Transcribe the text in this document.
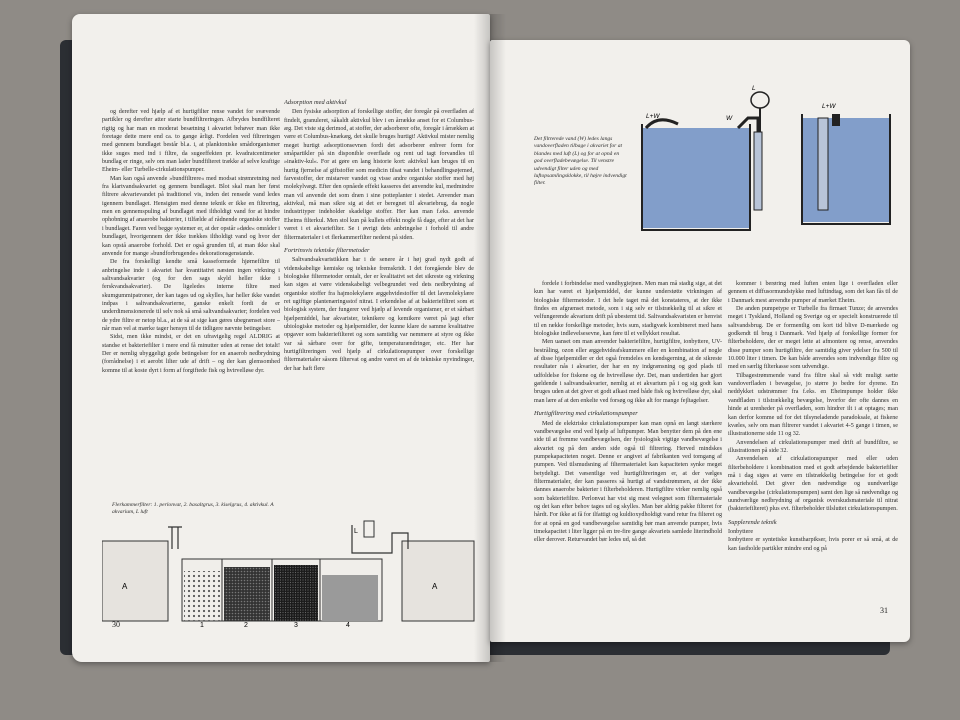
og derefter ved hjælp af et hurtigfilter rense vandet for svævende partikler og derefter atter starte bundfiltreringen. Afbrydes bundfilteret rigtig og har man en moderat besætning i akvariet behøver man ikke foretage dette mere end ca. to gange årligt. Fordelen ved filtreringen med gennem bundlaget består bl.a. i, at planktoniske smådorganismer ikke suges med ind i filtre, da sugeeffekten pr. kvadratcentimeter bundlag er ringe, selv om man lader bundfilteret trække af selve kraftige Eheim- eller Turbelle-cirkulationspumper.

Man kan også anvende »bundfiltrere« med modsat strømretning ned fra klartvandsakvariet og gennem bundlaget. Blot skal man her først filtrere akvarievandet på traditionel vis, inden det rensede vand ledes igennem bundlaget. Hensigten med denne teknik er ikke en filtrering, men en gennemspuling af bundlaget med iltholdigt vand for at hindre ophobning af anaerobe bakterier, i tilfælde af rådnende organiske stoffer i bundlaget. Faren ved begge systemer er, at der opstår »døde« områder i bundlaget, hvorigennem der ikke trækkes iltholdigt vand og hvor der kan opstå anaerobe forhold. Det er også grunden til, at man ikke skal anvende for mange »bundforbrugende« dekorationsgenstande.

De fra forskelligt kendte små kasseformede hjørnefiltre til anbringelse inde i akvariet har kvantitativt næsten ingen virkning i saltvandsakvarier (og for den sags skyld heller ikke i ferskvandsakvarier). De ligeledes interne filtre med skumgummipatroner, der kan tages ud og skylles, har heller ikke vandet indpas i saltvandsakvarierne, ganske enkelt fordi de er underdimensionerede til selv nok så små saltvandsakvarier; fordelen ved de ydre filtre er netop bl.a., at de så at sige kan gøres ubegrænset store – når man vel at mærke tager hensyn til de tidligere nævnte betingelser.

Sidst, men ikke mindst, er det en ufravigelig regel ALDRIG at standse et bakteriefilter i mere end få minutter uden at rense det totalt! Der er nemlig ubyggeligt gode betingelser for en anaerob nedbrydning (forrådnelse) i et aerobt lilter ude af drift – og der kan glemsomhed komme til at koste dyrt i form af forgiftede fisk og hvirvelløse dyr.

Adsorption med aktivkul

Den fysiske adsorption af forskellige stoffer, der foregår på overfladen af findelt, granuleret, såkaldt aktivkul blev i en årrække anset for et Columbus-æg. Det viste sig derimod, at stoffer, der adsorberer ofte, foregår i årrækken at være et Columbus-knækæg, det skulle bruges hurtigt! Aktivkul mister nemlig meget hurtigt adsorptionsevnen fordi det adsorberer enhver form for småpartikler på sin disponible overflade og rent ud tagt forvandles til »inaktiv-kul«. For at gøre en lang historie kort: aktivkul kan bruges til en hurtig fjernelse af giftstoffer som medicin tilsat vandet i behandlingsøjemed, farvestoffer, der mistarver vandet og visse andre organiske stoffer med høj molekylvægt. Efter den opnåede effekt kasseres det anvendte kul, medmindre man vil anvende det som dræn i sine potteplanter i stedet. Anvender man aktivkul, må man sikre sig at det er beregnet til akvariebrug, da nogle industrityper indeholder skadelige stoffer. Her kan man f.eks. anvende Eheims filterkul. Men stol kun på kullets effekt nogle få dage, efter at det har været i et akvariefilter. Se i øvrigt dets anbringelse i forhold til andre filtermaterialer i et flerkammerfilter nederst på siden.

Fortrinsvis tekniske filtermetoder

Saltvandsakvaristikken har i de senere år i høj grad nydt godt af videnskabelige kemiske og tekniske fremskridt. I det foregående blev de biologiske filtermetoder omtalt, der er kvalitativt set det sikreste og virkning kan siges at være videnskabeligt velbegrundet ved dets nedbrydning af organiske stoffer fra hajmolekylære æggehvidestoffer til det lavmolekylære ret ugiftige plantenæringsstof nitrat. I erkendelse af at bakteriefiltret som et biologisk system, der fungerer ved hjælp af levende organismer, er et sårbart hjælpemiddel, har akvarister, teknikere og kemikere været på jagt efter ubiologiske metoder og hjælpemidler, der kunne klare de samme kvalitative opgaver som bakteriefilteret og som samtidig var nemmere at styre og ikke var så sårbare over for gifte, temperaturændringer, etc. Her har hurtigfiltreringen ved hjælp af cirkulationspumper over forskellige filtermaterialer såsom filtervat og andre været en af de tekniske nyvindinger, der har haft flere

Flerkammerfilter: 1. perlonvat, 2. basaltgrus, 3. kiselgrus, 4. aktivkul. A akvarium, L luft
A
1	2	3	4
A
L
30
Det filtrerede vand (W) ledes langs vandoverfladen tilbage i akvariet for at blandes med luft (L) og for at opnå en god overfladebevægelse. Til venstre udvendigt filter uden og med luftopsamlingsklokke, til højre indvendigt filter.
L+W
L
W
L+W

fordele i forbindelse med vandhygiejnen. Men man må stadig sige, at det kun har været et hjælpemiddel, der kunne understøtte virkningen af biologiske filtermetoder. I det hele taget må det konstateres, at der ikke findes en afgrænset metode, som i sig selv er tilstrækkelig til at sikre et velfungerende akvarium drift på ubestemt tid. Saltvandsakvaristen er henvist til en række forskellige metoder, hvis sum, stadigvæk kombineret med hans biologiske indlevelsesevne, kan føre til et vellykket resultat.

Men uanset om man anvender bakteriefiltre, hurtigfiltre, ionbyttere, UV-bestråling, ozon eller æggehvideafskummere eller en kombination af nogle af disse hjælpemidler er det også fremdeles en kendsgerning, at de sikreste resultater nås i akvarier, der har en ny indgrænsning og god plads til udfoldelse for fiskene og de hvirvelløse dyr. Det, man undertiden har gjort gældende i saltvandsakvarier, nemlig at et akvarium på i og sig godt kan bruges uden at det giver et godt afkast med både fisk og hvirvelløse dyr, skal man lære af at den enkelte ved forsøg og ikke alt for mange fejltagelser.

Hurtigfiltrering med cirkulationspumper

Med de elektriske cirkulationspumper kan man opnå en langt stærkere vandbevægelse end ved hjælp af luftpumper. Man benytter dem på den ene side til at fremme vandbevægelsen, der fysiologisk vigtige vandbevægelse i akvariet og på den anden side også til filtrering. Herved mindskes pumpekapaciteten noget. Denne er angivet af fabrikanten ved tomgang af pumpen. Ved tilsmudsning af filtermaterialet kan kapaciteten synke meget betydeligt. Det væsentlige ved hurtigfiltreringen er, at der vælges filtermaterialer, der kan passeres så hurtigt af vandstrømmen, at der ikke dannes anaerobe bakterier i filterbeholderen. Hurtigfiltre virker nemlig også som bakteriefiltre. Perlonvat har vist sig mest velegnet som filtermateriale og det kan efter behov tages ud og skylles. Man bør aldrig pakke filteret for hårdt. For ikke at få for ilfattigt og kuldioxydholdigt vand retur fra filteret og for at opnå en god vandbevægelse samtidig bør man anvende pumper, hvis timekapacitet i liter ligger på en tre-fire gange akvariets samlede literindhold eller derover. Returvandet bør ledes ud, så det

kommer i berøring med luften enten lige i overfladen eller gennem et diffusormundstykke med luftindtag, som det kan fås til de i Danmark mest anvendte pumper af mærket Eheim.

De anden pumpetype er Turbelle fra firmaet Tunze; de anvendes meget i Tyskland, Holland og Sverige og er specielt konstruerede til saltvandsbrug. De er formentlig om kort tid blive D-mærkede og godkendt til brug i Danmark. Ved hjælp af forskellige former for filterbeholdere, der er meget lette at afmontere og rense, anvendes disse pumper som hurtigfiltre, der samtidig giver ydelser fra 500 til 10.000 liter i timen. De kan både anvendes som indvendige filtre og med en særlig filterkasse som udvendige.

Tilbagestrømmende vand fra filtre skal så vidt muligt sætte vandoverfladen i bevægelse, jo større jo bedre for dyrene. En neddykket udstrømmer fra f.eks. en Eheimpumpe holder ikke vandfladen i tilstrækkelig bevægelse, hvorfor der ofte dannes en hinde at urenheder på overfladen, som hindrer ilt i at optages; man kan derfor komme ud for det tilsyneladende paradoksale, at fiskene kvæles, selv om man filtrerer vandet i akvariet 4-5 gange i timen, se illustrationerne side 11 og 32.

Anvendelsen af cirkulationspumper med drift af bundfiltre, se illustrationen på side 32.

Anvendelsen af cirkulationspumper med eller uden filterbeholdere i kombination med et godt arbejdende bakteriefilter må i dag siges at være en tilstrækkelig betingelse for et godt akvariehold. Det giver den nødvendige og uundværlige vandbevægelse (cirkulationspumpen) samt den lige så nødvendige og uundværlige nedbrydning af organisk overskudsmateriale til nitrat (bakteriefilteret) plus evt. filterbeholder tilsluttet cirkulationspumpen.

Supplerende teknik

Ionbyttere

Ionbyttere er syntetiske kunstharpikser, hvis porer er så små, at de kan fastholde partikler mindre end og på

31
